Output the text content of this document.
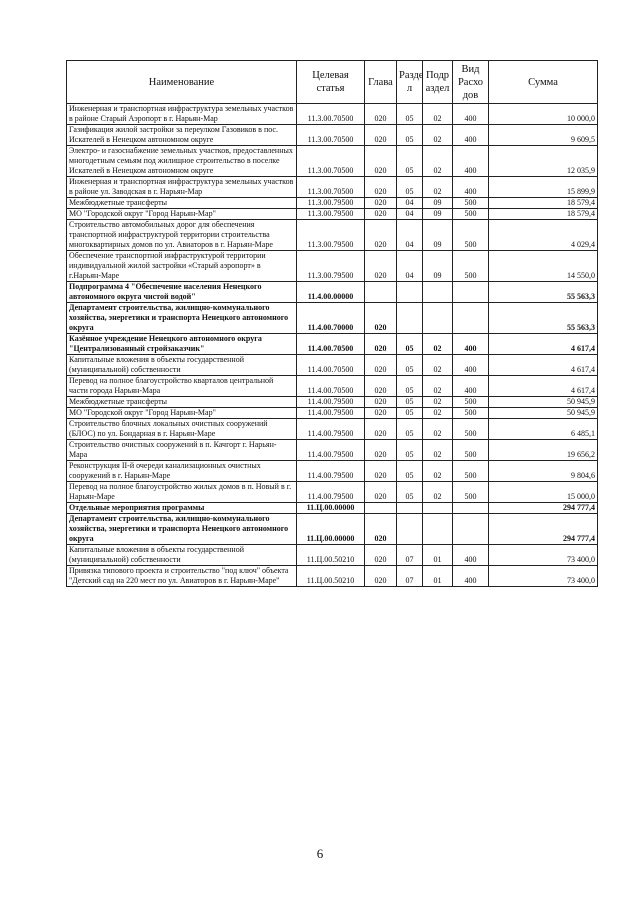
Наименование	Целевая статья	Глава	Разде л	Подр аздел	Вид Расхо дов	Сумма
Инженерная и транспортная инфраструктура земельных участков в районе Старый Аэропорт в г. Нарьян-Мар	11.3.00.70500	020	05	02	400	10 000,0
Газификация жилой застройки за переулком Газовиков в пос. Искателей в Ненецком автономном округе	11.3.00.70500	020	05	02	400	9 609,5
Электро- и газоснабжение земельных участков, предоставленных многодетным семьям под жилищное строительство в поселке Искателей в Ненецком автономном округе	11.3.00.70500	020	05	02	400	12 035,9
Инженерная и транспортная инфраструктура земельных участков в районе ул. Заводская в г. Нарьян-Мар	11.3.00.70500	020	05	02	400	15 899,9
Межбюджетные трансферты	11.3.00.79500	020	04	09	500	18 579,4
МО "Городской округ "Город Нарьян-Мар"	11.3.00.79500	020	04	09	500	18 579,4
Строительство автомобильных дорог для обеспечения транспортной инфраструктурой территории строительства многоквартирных домов по ул. Авиаторов в г. Нарьян-Маре	11.3.00.79500	020	04	09	500	4 029,4
Обеспечение транспортной инфраструктурой территории индивидуальной жилой застройки «Старый аэропорт» в г.Нарьян-Маре	11.3.00.79500	020	04	09	500	14 550,0
Подпрограмма 4 "Обеспечение населения Ненецкого автономного округа чистой водой"	11.4.00.00000					55 563,3
Департамент строительства, жилищно-коммунального хозяйства, энергетики и транспорта Ненецкого автономного округа	11.4.00.70000	020				55 563,3
Казённое учреждение Ненецкого автономного округа "Централизованный стройзаказчик"	11.4.00.70500	020	05	02	400	4 617,4
Капитальные вложения в объекты государственной (муниципальной) собственности	11.4.00.70500	020	05	02	400	4 617,4
Перевод на полное благоустройство кварталов центральной части города Нарьян-Мара	11.4.00.70500	020	05	02	400	4 617,4
Межбюджетные трансферты	11.4.00.79500	020	05	02	500	50 945,9
МО "Городской округ "Город Нарьян-Мар"	11.4.00.79500	020	05	02	500	50 945,9
Строительство блочных локальных очистных сооружений (БЛОС) по ул. Бондарная в г. Нарьян-Маре	11.4.00.79500	020	05	02	500	6 485,1
Строительство очистных сооружений в п. Качгорт г. Нарьян-Мара	11.4.00.79500	020	05	02	500	19 656,2
Реконструкция II-й очереди канализационных очистных сооружений в г. Нарьян-Маре	11.4.00.79500	020	05	02	500	9 804,6
Перевод на полное благоустройство жилых домов в п. Новый в г. Нарьян-Маре	11.4.00.79500	020	05	02	500	15 000,0
Отдельные мероприятия программы	11.Ц.00.00000					294 777,4
Департамент строительства, жилищно-коммунального хозяйства, энергетики и транспорта Ненецкого автономного округа	11.Ц.00.00000	020				294 777,4
Капитальные вложения в объекты государственной (муниципальной) собственности	11.Ц.00.50210	020	07	01	400	73 400,0
Привязка типового проекта и строительство "под ключ" объекта "Детский сад на 220 мест по ул. Авиаторов в г. Нарьян-Маре"	11.Ц.00.50210	020	07	01	400	73 400,0
6
